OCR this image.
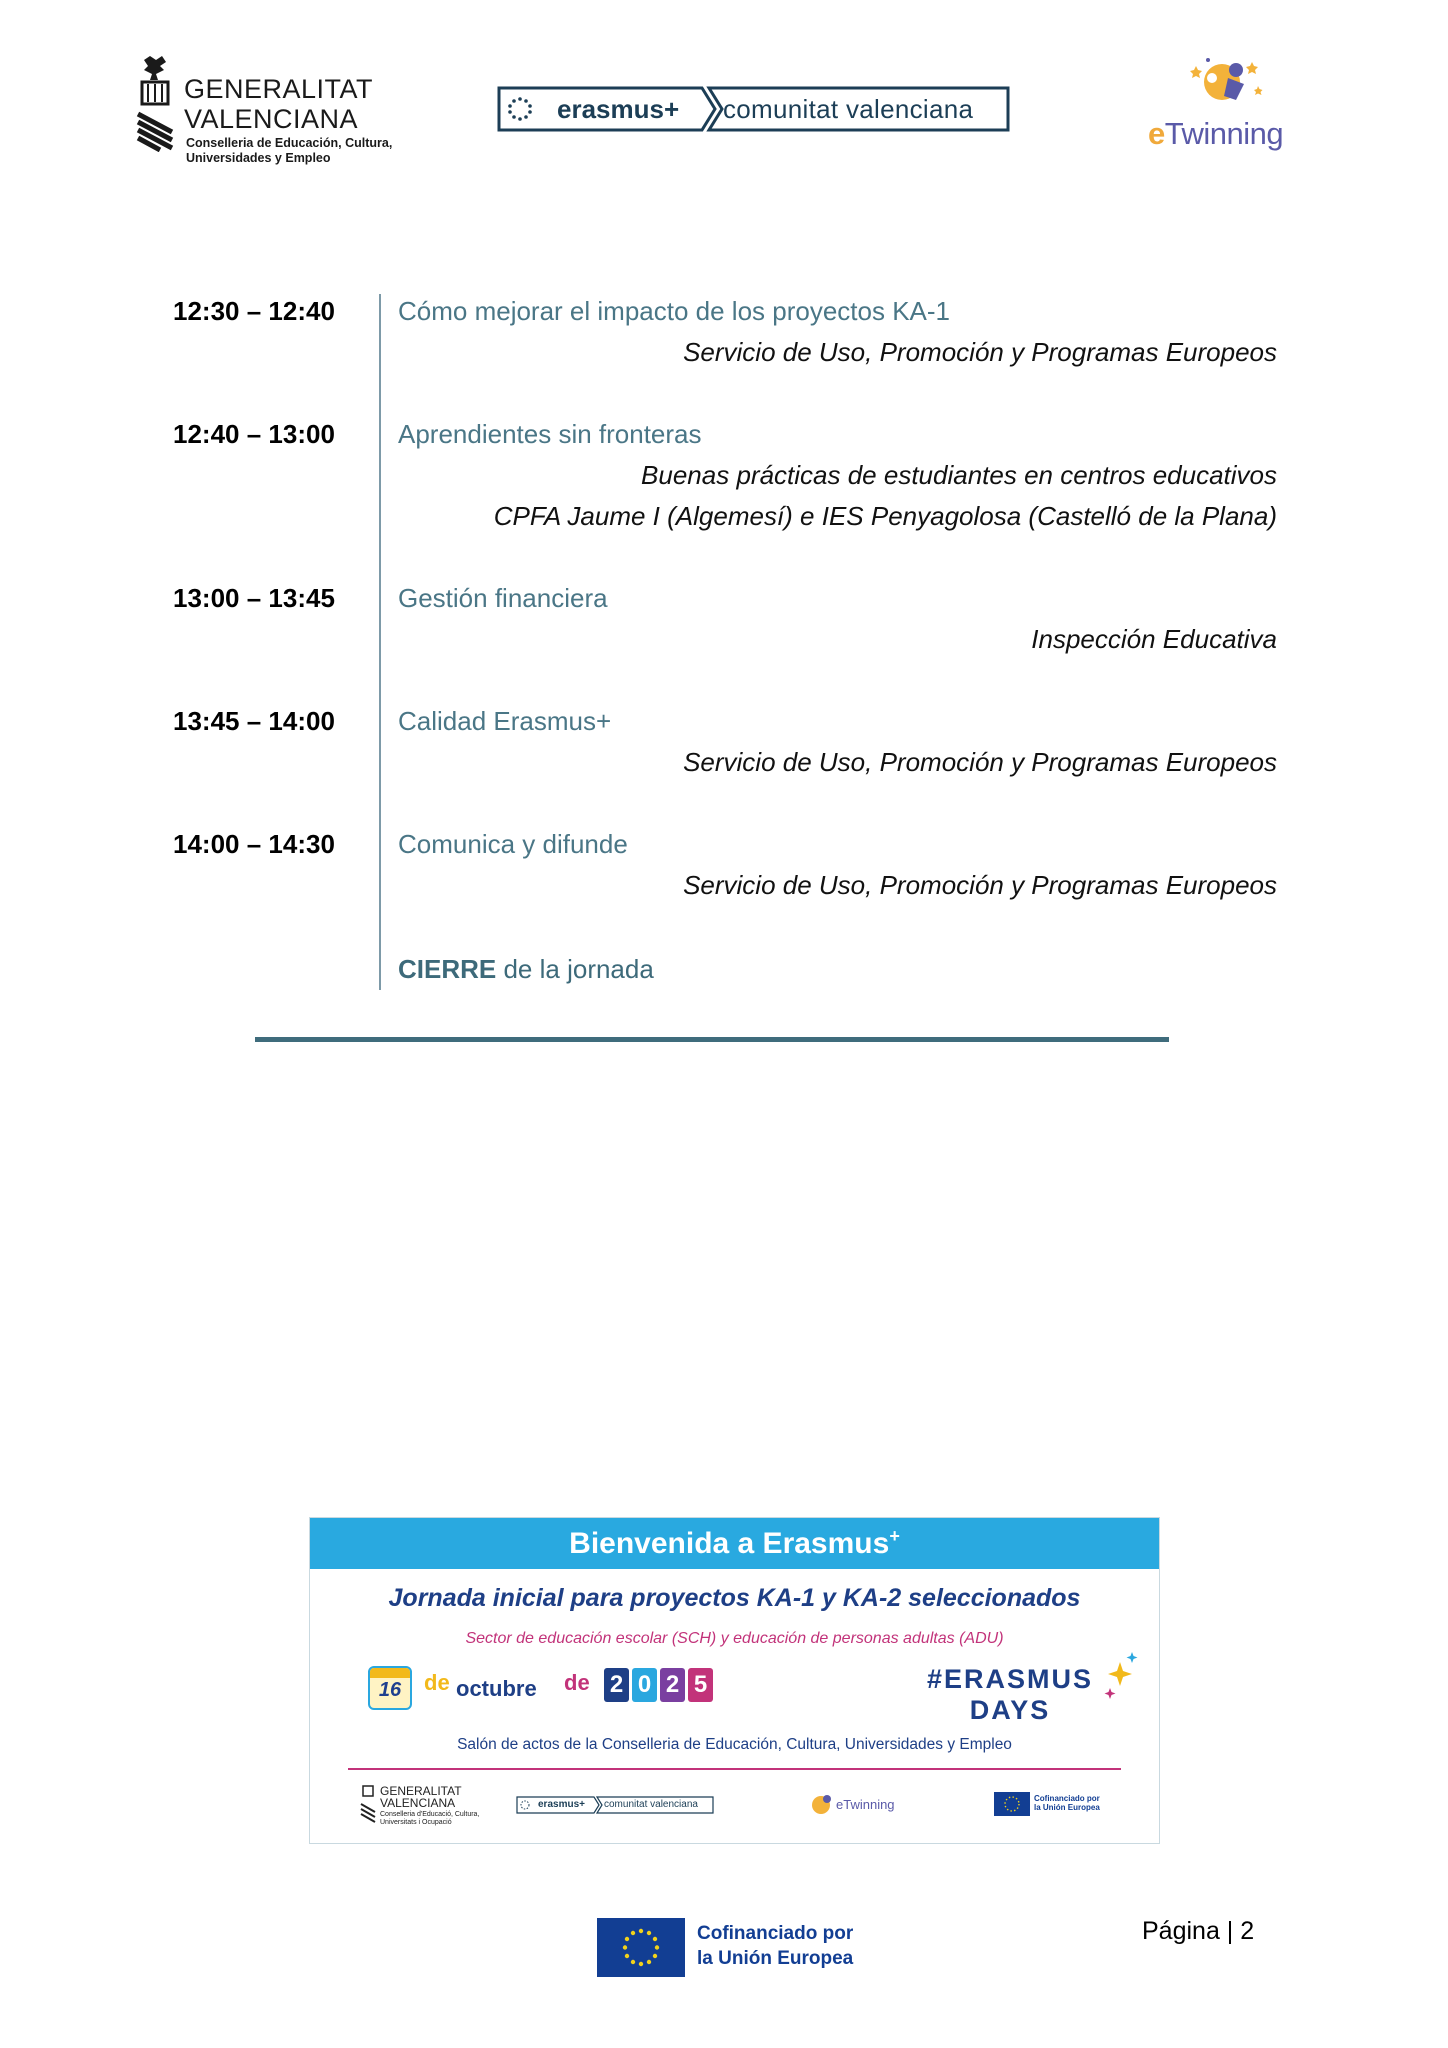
GENERALITAT
VALENCIANA
Conselleria de Educación, Cultura,
Universidades y Empleo
erasmus+ comunitat valenciana
eTwinning
12:30 – 12:40 Cómo mejorar el impacto de los proyectos KA-1
Servicio de Uso, Promoción y Programas Europeos
12:40 – 13:00 Aprendientes sin fronteras
Buenas prácticas de estudiantes en centros educativos
CPFA Jaume I (Algemesí) e IES Penyagolosa (Castelló de la Plana)
13:00 – 13:45 Gestión financiera
Inspección Educativa
13:45 – 14:00 Calidad Erasmus+
Servicio de Uso, Promoción y Programas Europeos
14:00 – 14:30 Comunica y difunde
Servicio de Uso, Promoción y Programas Europeos
CIERRE de la jornada
Bienvenida a Erasmus+
Jornada inicial para proyectos KA-1 y KA-2 seleccionados
Sector de educación escolar (SCH) y educación de personas adultas (ADU)
16	de octubre de 2 0 2 5	#ERASMUS
DAYS
Salón de actos de la Conselleria de Educación, Cultura, Universidades y Empleo
GENERALITAT
VALENCIANA
Conselleria d'Educació, Cultura,
Universitats i Ocupació
erasmus+ comunitat valenciana	eTwinning	Cofinanciado por
la Unión Europea
Cofinanciado por
la Unión Europea
Página | 2
